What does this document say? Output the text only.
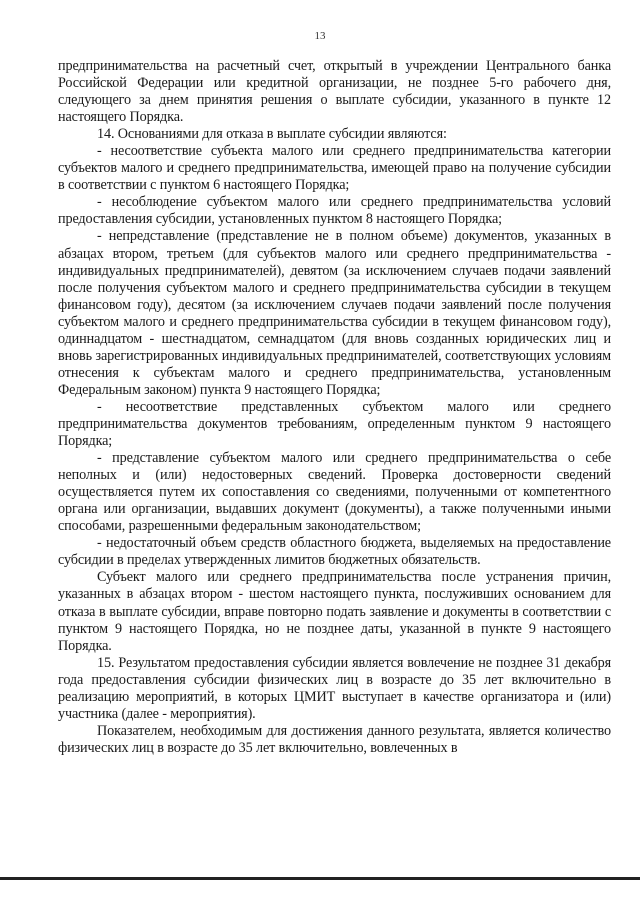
13

предпринимательства на расчетный счет, открытый в учреждении Центрального банка Российской Федерации или кредитной организации, не позднее 5-го рабочего дня, следующего за днем принятия решения о выплате субсидии, указанного в пункте 12 настоящего Порядка.

14. Основаниями для отказа в выплате субсидии являются:

- несоответствие субъекта малого или среднего предпринимательства категории субъектов малого и среднего предпринимательства, имеющей право на получение субсидии в соответствии с пунктом 6 настоящего Порядка;

- несоблюдение субъектом малого или среднего предпринимательства условий предоставления субсидии, установленных пунктом 8 настоящего Порядка;

- непредставление (представление не в полном объеме) документов, указанных в абзацах втором, третьем (для субъектов малого или среднего предпринимательства - индивидуальных предпринимателей), девятом (за исключением случаев подачи заявлений после получения субъектом малого и среднего предпринимательства субсидии в текущем финансовом году), десятом (за исключением случаев подачи заявлений после получения субъектом малого и среднего предпринимательства субсидии в текущем финансовом году), одиннадцатом - шестнадцатом, семнадцатом (для вновь созданных юридических лиц и вновь зарегистрированных индивидуальных предпринимателей, соответствующих условиям отнесения к субъектам малого и среднего предпринимательства, установленным Федеральным законом) пункта 9 настоящего Порядка;

- несоответствие представленных субъектом малого или среднего предпринимательства документов требованиям, определенным пунктом 9 настоящего Порядка;

- представление субъектом малого или среднего предпринимательства о себе неполных и (или) недостоверных сведений. Проверка достоверности сведений осуществляется путем их сопоставления со сведениями, полученными от компетентного органа или организации, выдавших документ (документы), а также полученными иными способами, разрешенными федеральным законодательством;

- недостаточный объем средств областного бюджета, выделяемых на предоставление субсидии в пределах утвержденных лимитов бюджетных обязательств.

Субъект малого или среднего предпринимательства после устранения причин, указанных в абзацах втором - шестом настоящего пункта, послуживших основанием для отказа в выплате субсидии, вправе повторно подать заявление и документы в соответствии с пунктом 9 настоящего Порядка, но не позднее даты, указанной в пункте 9 настоящего Порядка.

15. Результатом предоставления субсидии является вовлечение не позднее 31 декабря года предоставления субсидии физических лиц в возрасте до 35 лет включительно в реализацию мероприятий, в которых ЦМИТ выступает в качестве организатора и (или) участника (далее - мероприятия).

Показателем, необходимым для достижения данного результата, является количество физических лиц в возрасте до 35 лет включительно, вовлеченных в
